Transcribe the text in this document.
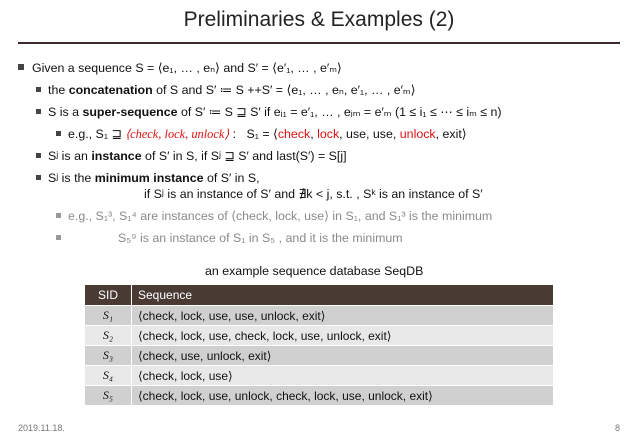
Preliminaries & Examples (2)
Given a sequence S = ⟨e₁, … , eₙ⟩ and S′ = ⟨e′₁, … , e′ₘ⟩
the concatenation of S and S′ ≔ S ++S′ = ⟨e₁, … , eₙ, e′₁, … , e′ₘ⟩
S is a super-sequence of S′ ≔ S ⊒ S′ if eᵢ₁ = e′₁, … , eᵢₘ = e′ₘ (1 ≤ i₁ ≤ ⋯ ≤ iₘ ≤ n)
e.g., S₁ ⊒ ⟨check, lock, unlock⟩ : S₁ = ⟨check, lock, use, use, unlock, exit⟩
Sʲ is an instance of S′ in S, if Sʲ ⊒ S′ and last(S′) = S[j]
Sʲ is the minimum instance of S′ in S,
if Sʲ is an instance of S′ and ∄k < j, s.t. , Sᵏ is an instance of S′
e.g., S₁³, S₁⁴ are instances of ⟨check, lock, use⟩ in S₁, and S₁³ is the minimum
S₅⁹ is an instance of S₁ in S₅ , and it is the minimum
an example sequence database SeqDB
SID	Sequence
S₁	⟨check, lock, use, use, unlock, exit⟩
S₂	⟨check, lock, use, check, lock, use, unlock, exit⟩
S₃	⟨check, use, unlock, exit⟩
S₄	⟨check, lock, use⟩
S₅	⟨check, lock, use, unlock, check, lock, use, unlock, exit⟩
2019.11.18.	8
